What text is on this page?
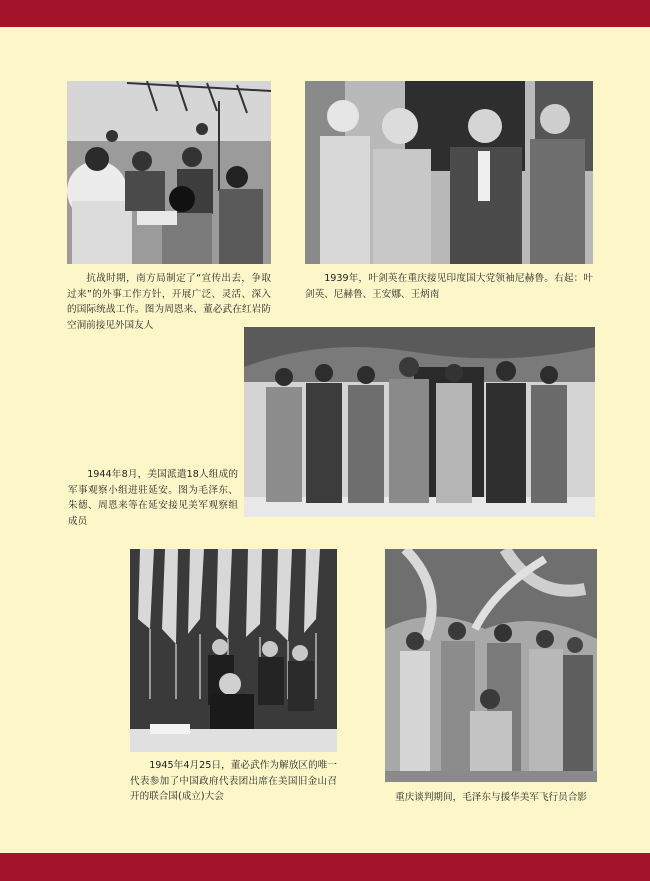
抗战时期，南方局制定了“宣传出去，争取过来”的外事工作方针，开展广泛、灵活、深入的国际统战工作。图为周恩来、董必武在红岩防空洞前接见外国友人

1939年，叶剑英在重庆接见印度国大党领袖尼赫鲁。右起：叶剑英、尼赫鲁、王安娜、王炳南

1944年8月，美国派遣18人组成的军事观察小组进驻延安。图为毛泽东、朱德、周恩来等在延安接见美军观察组成员

1945年4月25日，董必武作为解放区的唯一代表参加了中国政府代表团出席在美国旧金山召开的联合国(成立)大会	重庆谈判期间，毛泽东与援华美军飞行员合影
